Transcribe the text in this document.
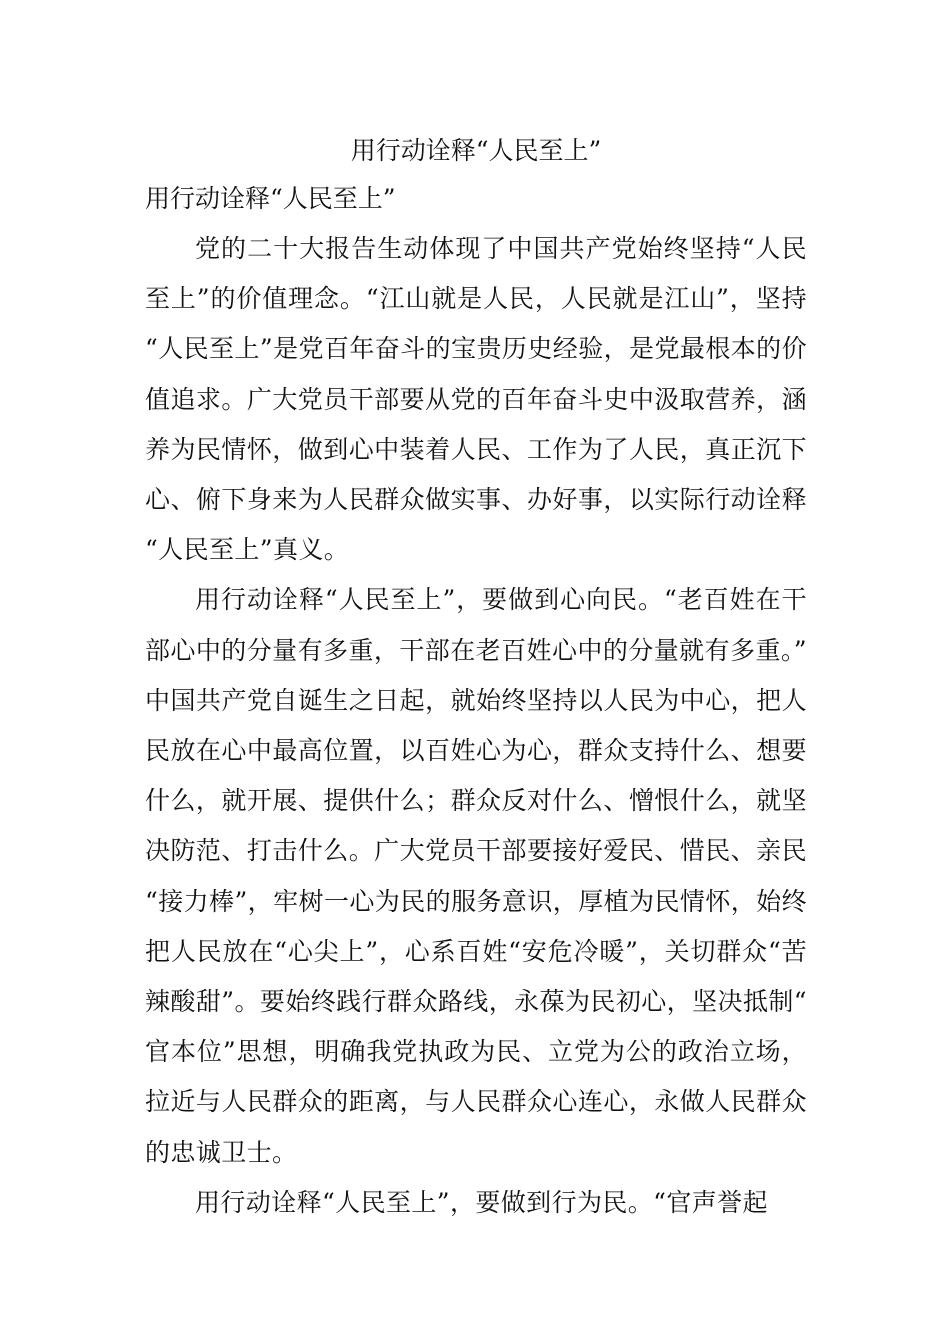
用行动诠释“人民至上”
用行动诠释“人民至上”

党的二十大报告生动体现了中国共产党始终坚持“人民至上”的价值理念。“江山就是人民，人民就是江山”，坚持“人民至上”是党百年奋斗的宝贵历史经验，是党最根本的价值追求。广大党员干部要从党的百年奋斗史中汲取营养，涵养为民情怀，做到心中装着人民、工作为了人民，真正沉下心、俯下身来为人民群众做实事、办好事，以实际行动诠释“人民至上”真义。

用行动诠释“人民至上”，要做到心向民。“老百姓在干部心中的分量有多重，干部在老百姓心中的分量就有多重。”中国共产党自诞生之日起，就始终坚持以人民为中心，把人民放在心中最高位置，以百姓心为心，群众支持什么、想要什么，就开展、提供什么；群众反对什么、憎恨什么，就坚决防范、打击什么。广大党员干部要接好爱民、惜民、亲民“接力棒”，牢树一心为民的服务意识，厚植为民情怀，始终把人民放在“心尖上”，心系百姓“安危冷暖”，关切群众“苦辣酸甜”。要始终践行群众路线，永葆为民初心，坚决抵制“官本位”思想，明确我党执政为民、立党为公的政治立场，拉近与人民群众的距离，与人民群众心连心，永做人民群众的忠诚卫士。

用行动诠释“人民至上”，要做到行为民。“官声誉起
